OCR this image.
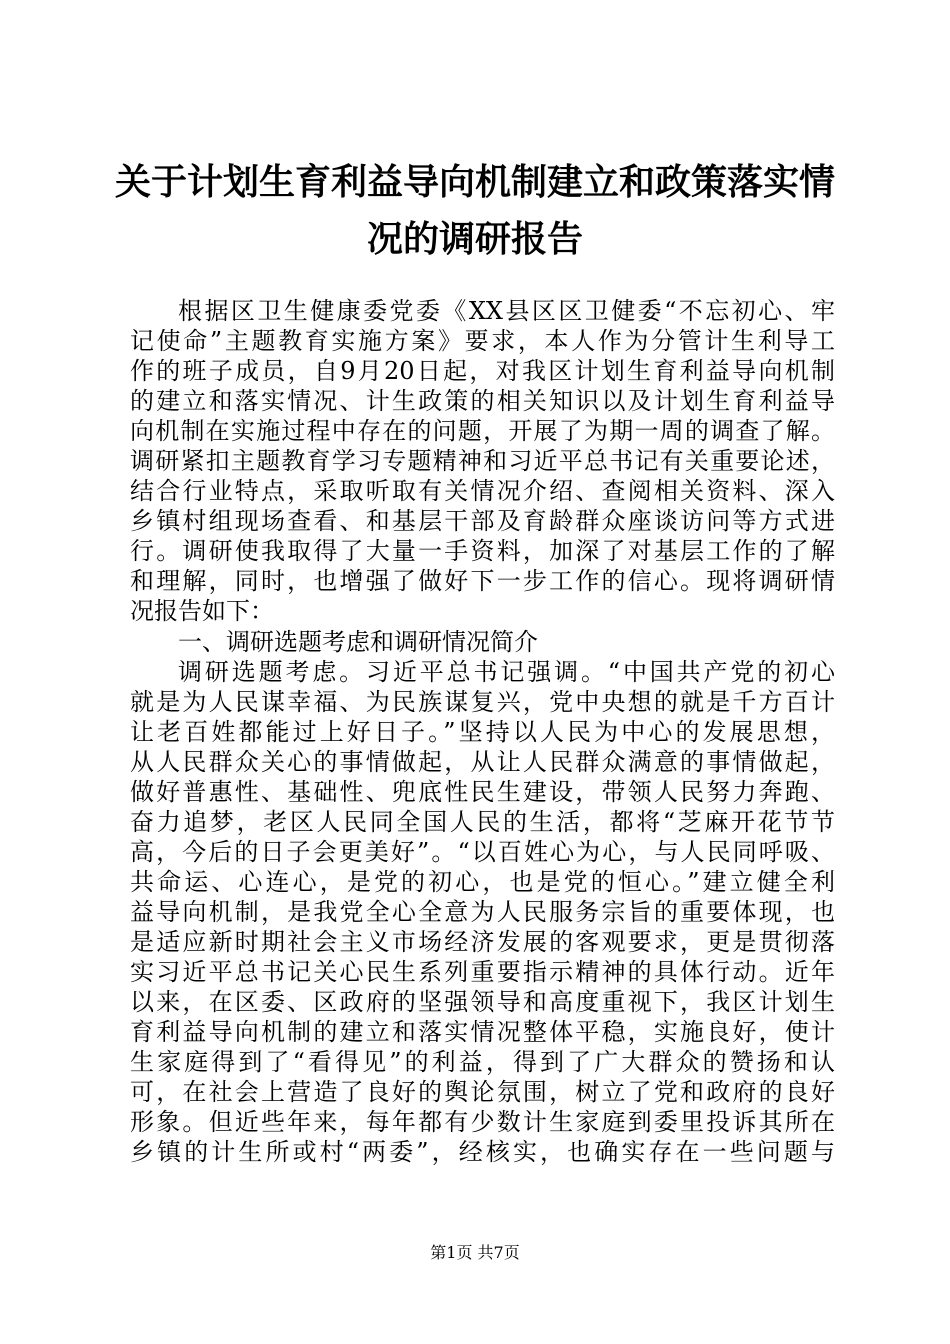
关于计划生育利益导向机制建立和政策落实情
况的调研报告
根据区卫生健康委党委《XX县区区卫健委“不忘初心、牢
记使命”主题教育实施方案》要求，本人作为分管计生利导工
作的班子成员，自9月20日起，对我区计划生育利益导向机制
的建立和落实情况、计生政策的相关知识以及计划生育利益导
向机制在实施过程中存在的问题，开展了为期一周的调查了解。
调研紧扣主题教育学习专题精神和习近平总书记有关重要论述，
结合行业特点，采取听取有关情况介绍、查阅相关资料、深入
乡镇村组现场查看、和基层干部及育龄群众座谈访问等方式进
行。调研使我取得了大量一手资料，加深了对基层工作的了解
和理解，同时，也增强了做好下一步工作的信心。现将调研情
况报告如下：
一、调研选题考虑和调研情况简介
调研选题考虑。习近平总书记强调。“中国共产党的初心
就是为人民谋幸福、为民族谋复兴，党中央想的就是千方百计
让老百姓都能过上好日子。”坚持以人民为中心的发展思想，
从人民群众关心的事情做起，从让人民群众满意的事情做起，
做好普惠性、基础性、兜底性民生建设，带领人民努力奔跑、
奋力追梦，老区人民同全国人民的生活，都将“芝麻开花节节
高，今后的日子会更美好”。“以百姓心为心，与人民同呼吸、
共命运、心连心，是党的初心，也是党的恒心。”建立健全利
益导向机制，是我党全心全意为人民服务宗旨的重要体现，也
是适应新时期社会主义市场经济发展的客观要求，更是贯彻落
实习近平总书记关心民生系列重要指示精神的具体行动。近年
以来，在区委、区政府的坚强领导和高度重视下，我区计划生
育利益导向机制的建立和落实情况整体平稳，实施良好，使计
生家庭得到了“看得见”的利益，得到了广大群众的赞扬和认
可，在社会上营造了良好的舆论氛围，树立了党和政府的良好
形象。但近些年来，每年都有少数计生家庭到委里投诉其所在
乡镇的计生所或村“两委”，经核实，也确实存在一些问题与
第1页 共7页
